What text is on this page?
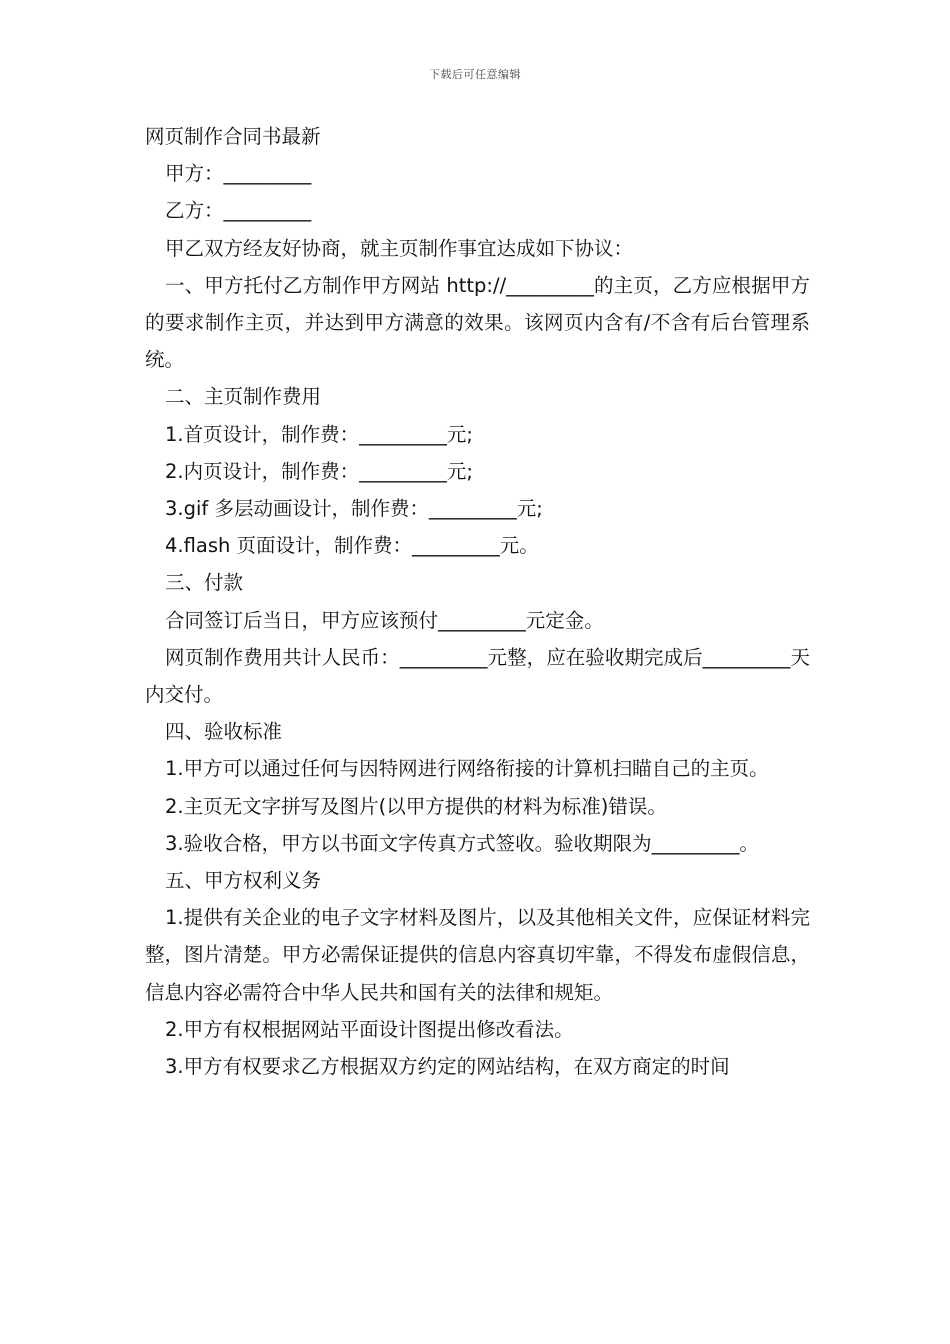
下载后可任意编辑

网页制作合同书最新

甲方：_________

乙方：_________

甲乙双方经友好协商，就主页制作事宜达成如下协议：

一、甲方托付乙方制作甲方网站 http://_________的主页，乙方应根据甲方的要求制作主页，并达到甲方满意的效果。该网页内含有/不含有后台管理系统。

二、主页制作费用

1.首页设计，制作费：_________元;

2.内页设计，制作费：_________元;

3.gif 多层动画设计，制作费：_________元;

4.flash 页面设计，制作费：_________元。

三、付款

合同签订后当日，甲方应该预付_________元定金。

网页制作费用共计人民币：_________元整，应在验收期完成后_________天内交付。

四、验收标准

1.甲方可以通过任何与因特网进行网络衔接的计算机扫瞄自己的主页。

2.主页无文字拼写及图片(以甲方提供的材料为标准)错误。

3.验收合格，甲方以书面文字传真方式签收。验收期限为_________。

五、甲方权利义务

1.提供有关企业的电子文字材料及图片，以及其他相关文件，应保证材料完整，图片清楚。甲方必需保证提供的信息内容真切牢靠，不得发布虚假信息，信息内容必需符合中华人民共和国有关的法律和规矩。

2.甲方有权根据网站平面设计图提出修改看法。

3.甲方有权要求乙方根据双方约定的网站结构，在双方商定的时间
